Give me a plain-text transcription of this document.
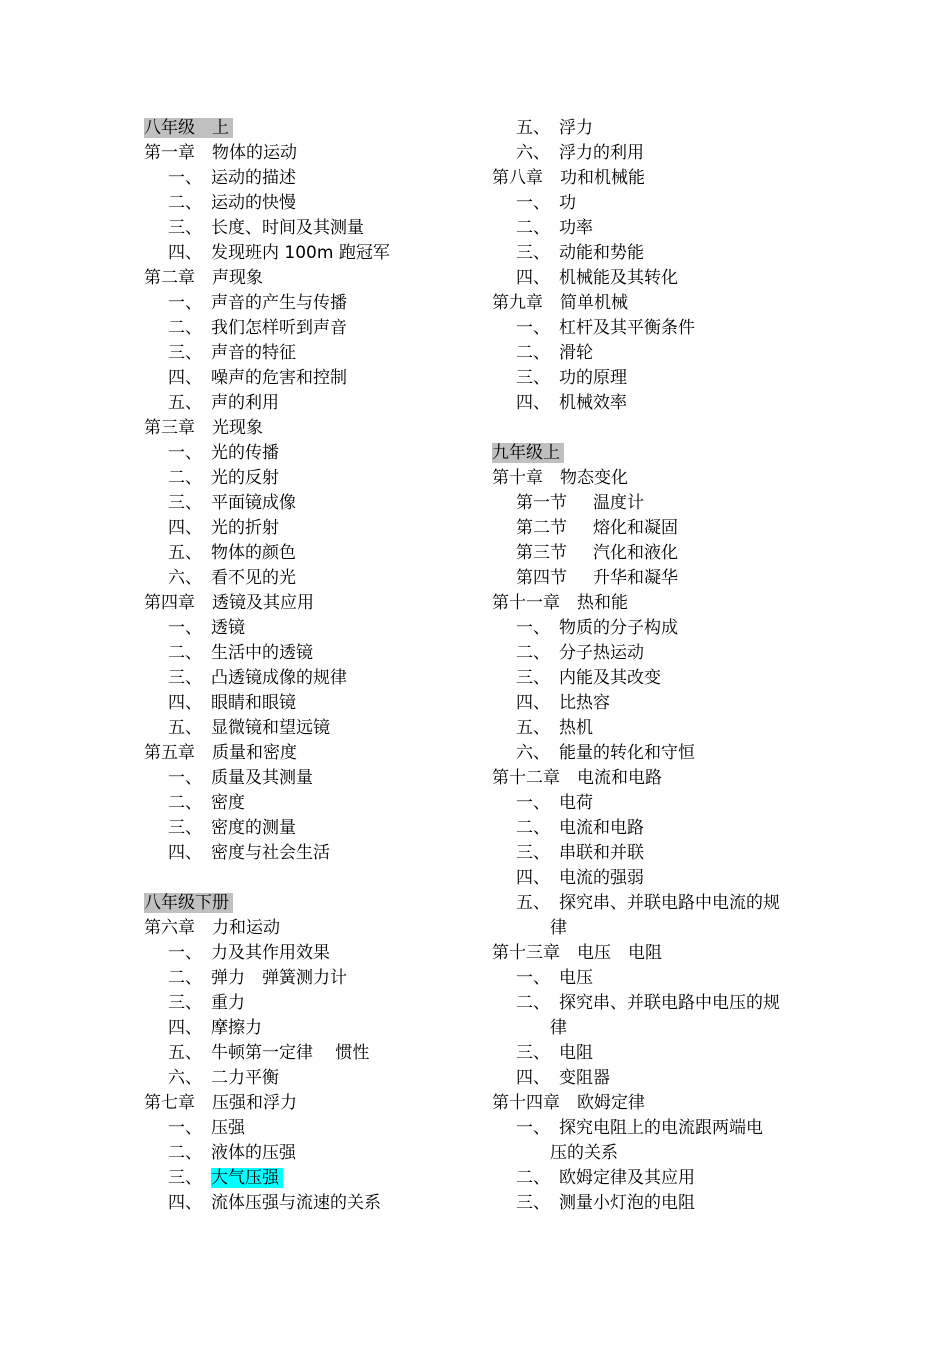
八年级　上
第一章　物体的运动
一、 运动的描述
二、 运动的快慢
三、 长度、时间及其测量
四、 发现班内 100m 跑冠军
第二章　声现象
一、 声音的产生与传播
二、 我们怎样听到声音
三、 声音的特征
四、 噪声的危害和控制
五、 声的利用
第三章　光现象
一、 光的传播
二、 光的反射
三、 平面镜成像
四、 光的折射
五、 物体的颜色
六、 看不见的光
第四章　透镜及其应用
一、 透镜
二、 生活中的透镜
三、 凸透镜成像的规律
四、 眼睛和眼镜
五、 显微镜和望远镜
第五章　质量和密度
一、 质量及其测量
二、 密度
三、 密度的测量
四、 密度与社会生活
八年级下册
第六章　力和运动
一、 力及其作用效果
二、 弹力　弹簧测力计
三、 重力
四、 摩擦力
五、 牛顿第一定律　 惯性
六、 二力平衡
第七章　压强和浮力
一、 压强
二、 液体的压强
三、 大气压强
四、 流体压强与流速的关系
五、 浮力
六、 浮力的利用
第八章　功和机械能
一、 功
二、 功率
三、 动能和势能
四、 机械能及其转化
第九章　简单机械
一、 杠杆及其平衡条件
二、 滑轮
三、 功的原理
四、 机械效率
九年级上
第十章　物态变化
第一节 温度计
第二节 熔化和凝固
第三节 汽化和液化
第四节 升华和凝华
第十一章　热和能
一、 物质的分子构成
二、 分子热运动
三、 内能及其改变
四、 比热容
五、 热机
六、 能量的转化和守恒
第十二章　电流和电路
一、 电荷
二、 电流和电路
三、 串联和并联
四、 电流的强弱
五、 探究串、并联电路中电流的规
律
第十三章　电压　电阻
一、 电压
二、 探究串、并联电路中电压的规
律
三、 电阻
四、 变阻器
第十四章　欧姆定律
一、 探究电阻上的电流跟两端电
压的关系
二、 欧姆定律及其应用
三、 测量小灯泡的电阻
